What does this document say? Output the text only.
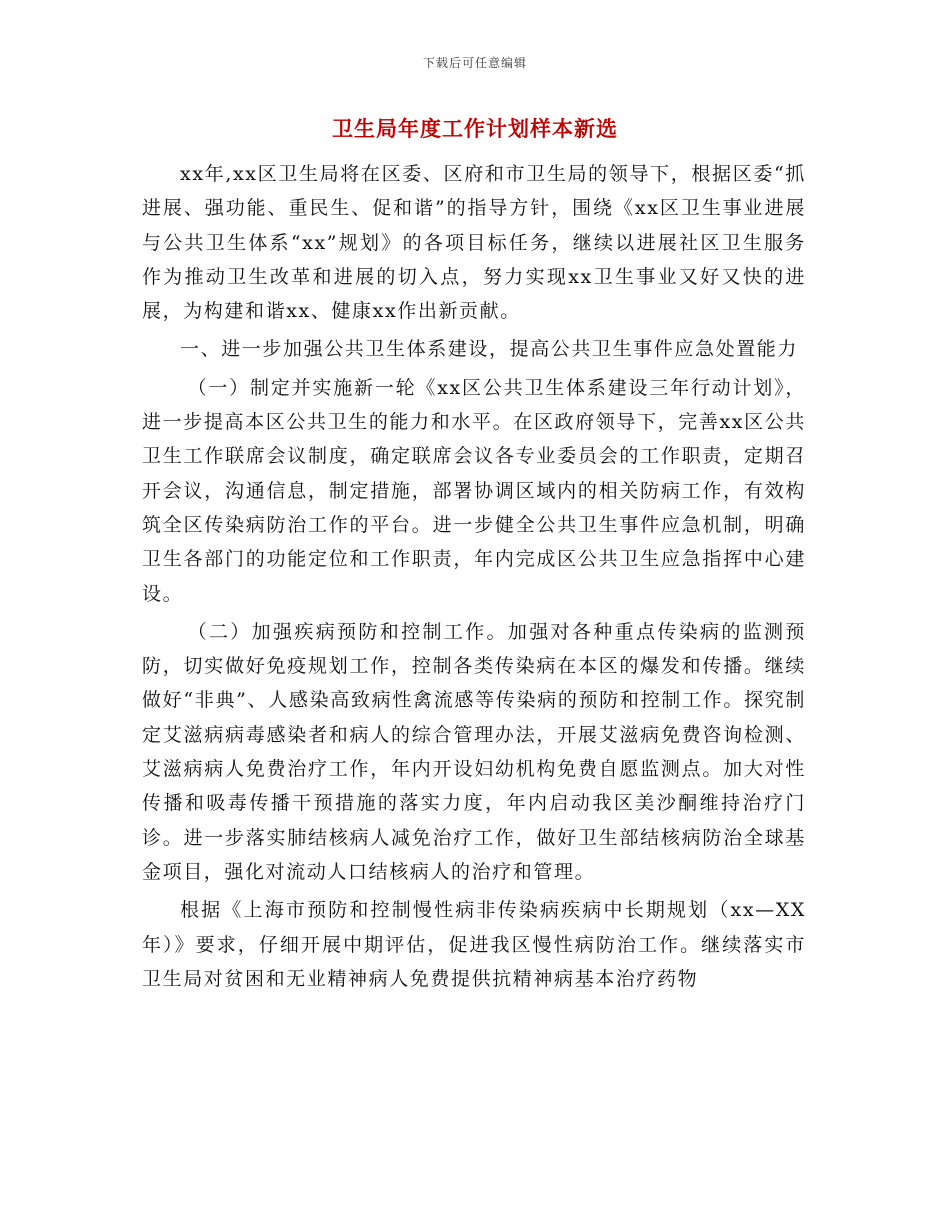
下载后可任意编辑
卫生局年度工作计划样本新选

xx年,xx区卫生局将在区委、区府和市卫生局的领导下，根据区委“抓进展、强功能、重民生、促和谐”的指导方针，围绕《xx区卫生事业进展与公共卫生体系“xx”规划》的各项目标任务，继续以进展社区卫生服务作为推动卫生改革和进展的切入点，努力实现xx卫生事业又好又快的进展，为构建和谐xx、健康xx作出新贡献。

一、进一步加强公共卫生体系建设，提高公共卫生事件应急处置能力

（一）制定并实施新一轮《xx区公共卫生体系建设三年行动计划》，进一步提高本区公共卫生的能力和水平。在区政府领导下，完善xx区公共卫生工作联席会议制度，确定联席会议各专业委员会的工作职责，定期召开会议，沟通信息，制定措施，部署协调区域内的相关防病工作，有效构筑全区传染病防治工作的平台。进一步健全公共卫生事件应急机制，明确卫生各部门的功能定位和工作职责，年内完成区公共卫生应急指挥中心建设。

（二）加强疾病预防和控制工作。加强对各种重点传染病的监测预防，切实做好免疫规划工作，控制各类传染病在本区的爆发和传播。继续做好“非典”、人感染高致病性禽流感等传染病的预防和控制工作。探究制定艾滋病病毒感染者和病人的综合管理办法，开展艾滋病免费咨询检测、艾滋病病人免费治疗工作，年内开设妇幼机构免费自愿监测点。加大对性传播和吸毒传播干预措施的落实力度，年内启动我区美沙酮维持治疗门诊。进一步落实肺结核病人减免治疗工作，做好卫生部结核病防治全球基金项目，强化对流动人口结核病人的治疗和管理。

根据《上海市预防和控制慢性病非传染病疾病中长期规划（xx—XX年）》要求，仔细开展中期评估，促进我区慢性病防治工作。继续落实市卫生局对贫困和无业精神病人免费提供抗精神病基本治疗药物
